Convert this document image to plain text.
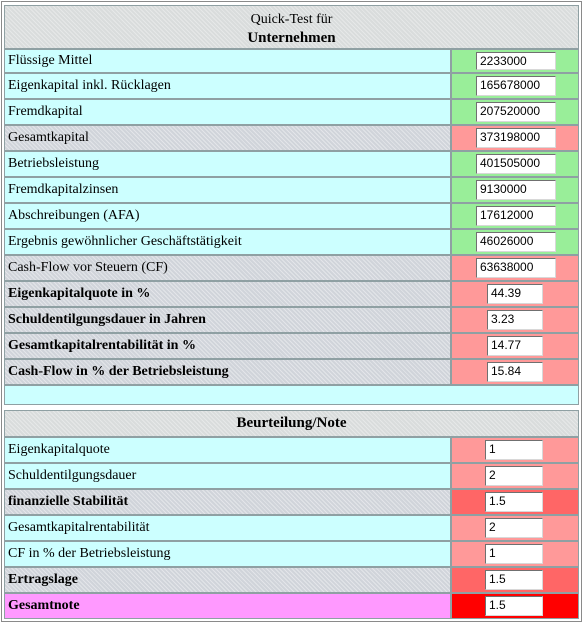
Quick-Test für
Unternehmen	

Flüssige Mittel	2233000

Eigenkapital inkl. Rücklagen	165678000

Fremdkapital	207520000

Gesamtkapital	373198000

Betriebsleistung	401505000

Fremdkapitalzinsen	9130000

Abschreibungen (AFA)	17612000

Ergebnis gewöhnlicher Geschäftstätigkeit	46026000

Cash-Flow vor Steuern (CF)	63638000

Eigenkapitalquote in %	44.39

Schuldentilgungsdauer in Jahren	3.23

Gesamtkapitalrentabilität in %	14.77

Cash-Flow in % der Betriebsleistung	15.84

Beurteilung/Note	

Eigenkapitalquote	1

Schuldentilgungsdauer	2

finanzielle Stabilität	1.5

Gesamtkapitalrentabilität	2

CF in % der Betriebsleistung	1

Ertragslage	1.5

Gesamtnote	1.5
